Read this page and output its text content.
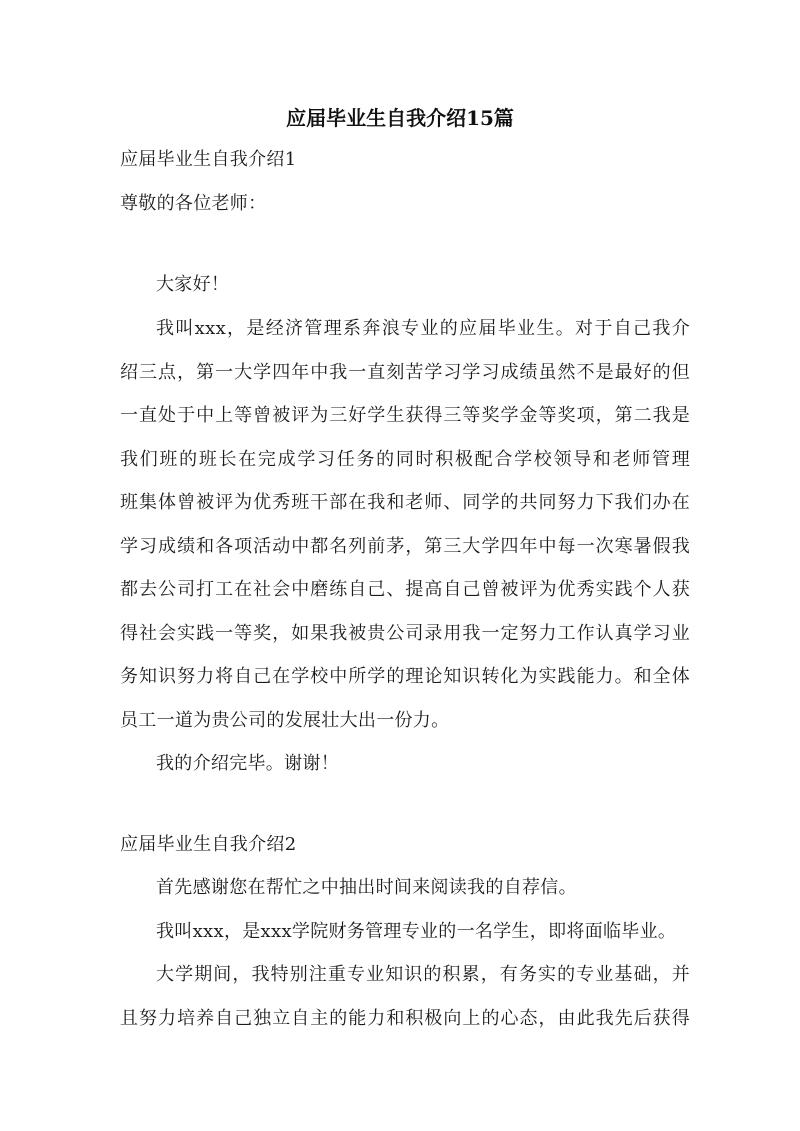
应届毕业生自我介绍15篇
应届毕业生自我介绍1
尊敬的各位老师：
大家好！
我叫xxx，是经济管理系奔浪专业的应届毕业生。对于自己我介
绍三点，第一大学四年中我一直刻苦学习学习成绩虽然不是最好的但
一直处于中上等曾被评为三好学生获得三等奖学金等奖项，第二我是
我们班的班长在完成学习任务的同时积极配合学校领导和老师管理
班集体曾被评为优秀班干部在我和老师、同学的共同努力下我们办在
学习成绩和各项活动中都名列前茅，第三大学四年中每一次寒暑假我
都去公司打工在社会中磨练自己、提高自己曾被评为优秀实践个人获
得社会实践一等奖，如果我被贵公司录用我一定努力工作认真学习业
务知识努力将自己在学校中所学的理论知识转化为实践能力。和全体
员工一道为贵公司的发展壮大出一份力。
我的介绍完毕。谢谢！
应届毕业生自我介绍2
首先感谢您在帮忙之中抽出时间来阅读我的自荐信。
我叫xxx，是xxx学院财务管理专业的一名学生，即将面临毕业。
大学期间，我特别注重专业知识的积累，有务实的专业基础，并
且努力培养自己独立自主的能力和积极向上的心态，由此我先后获得
